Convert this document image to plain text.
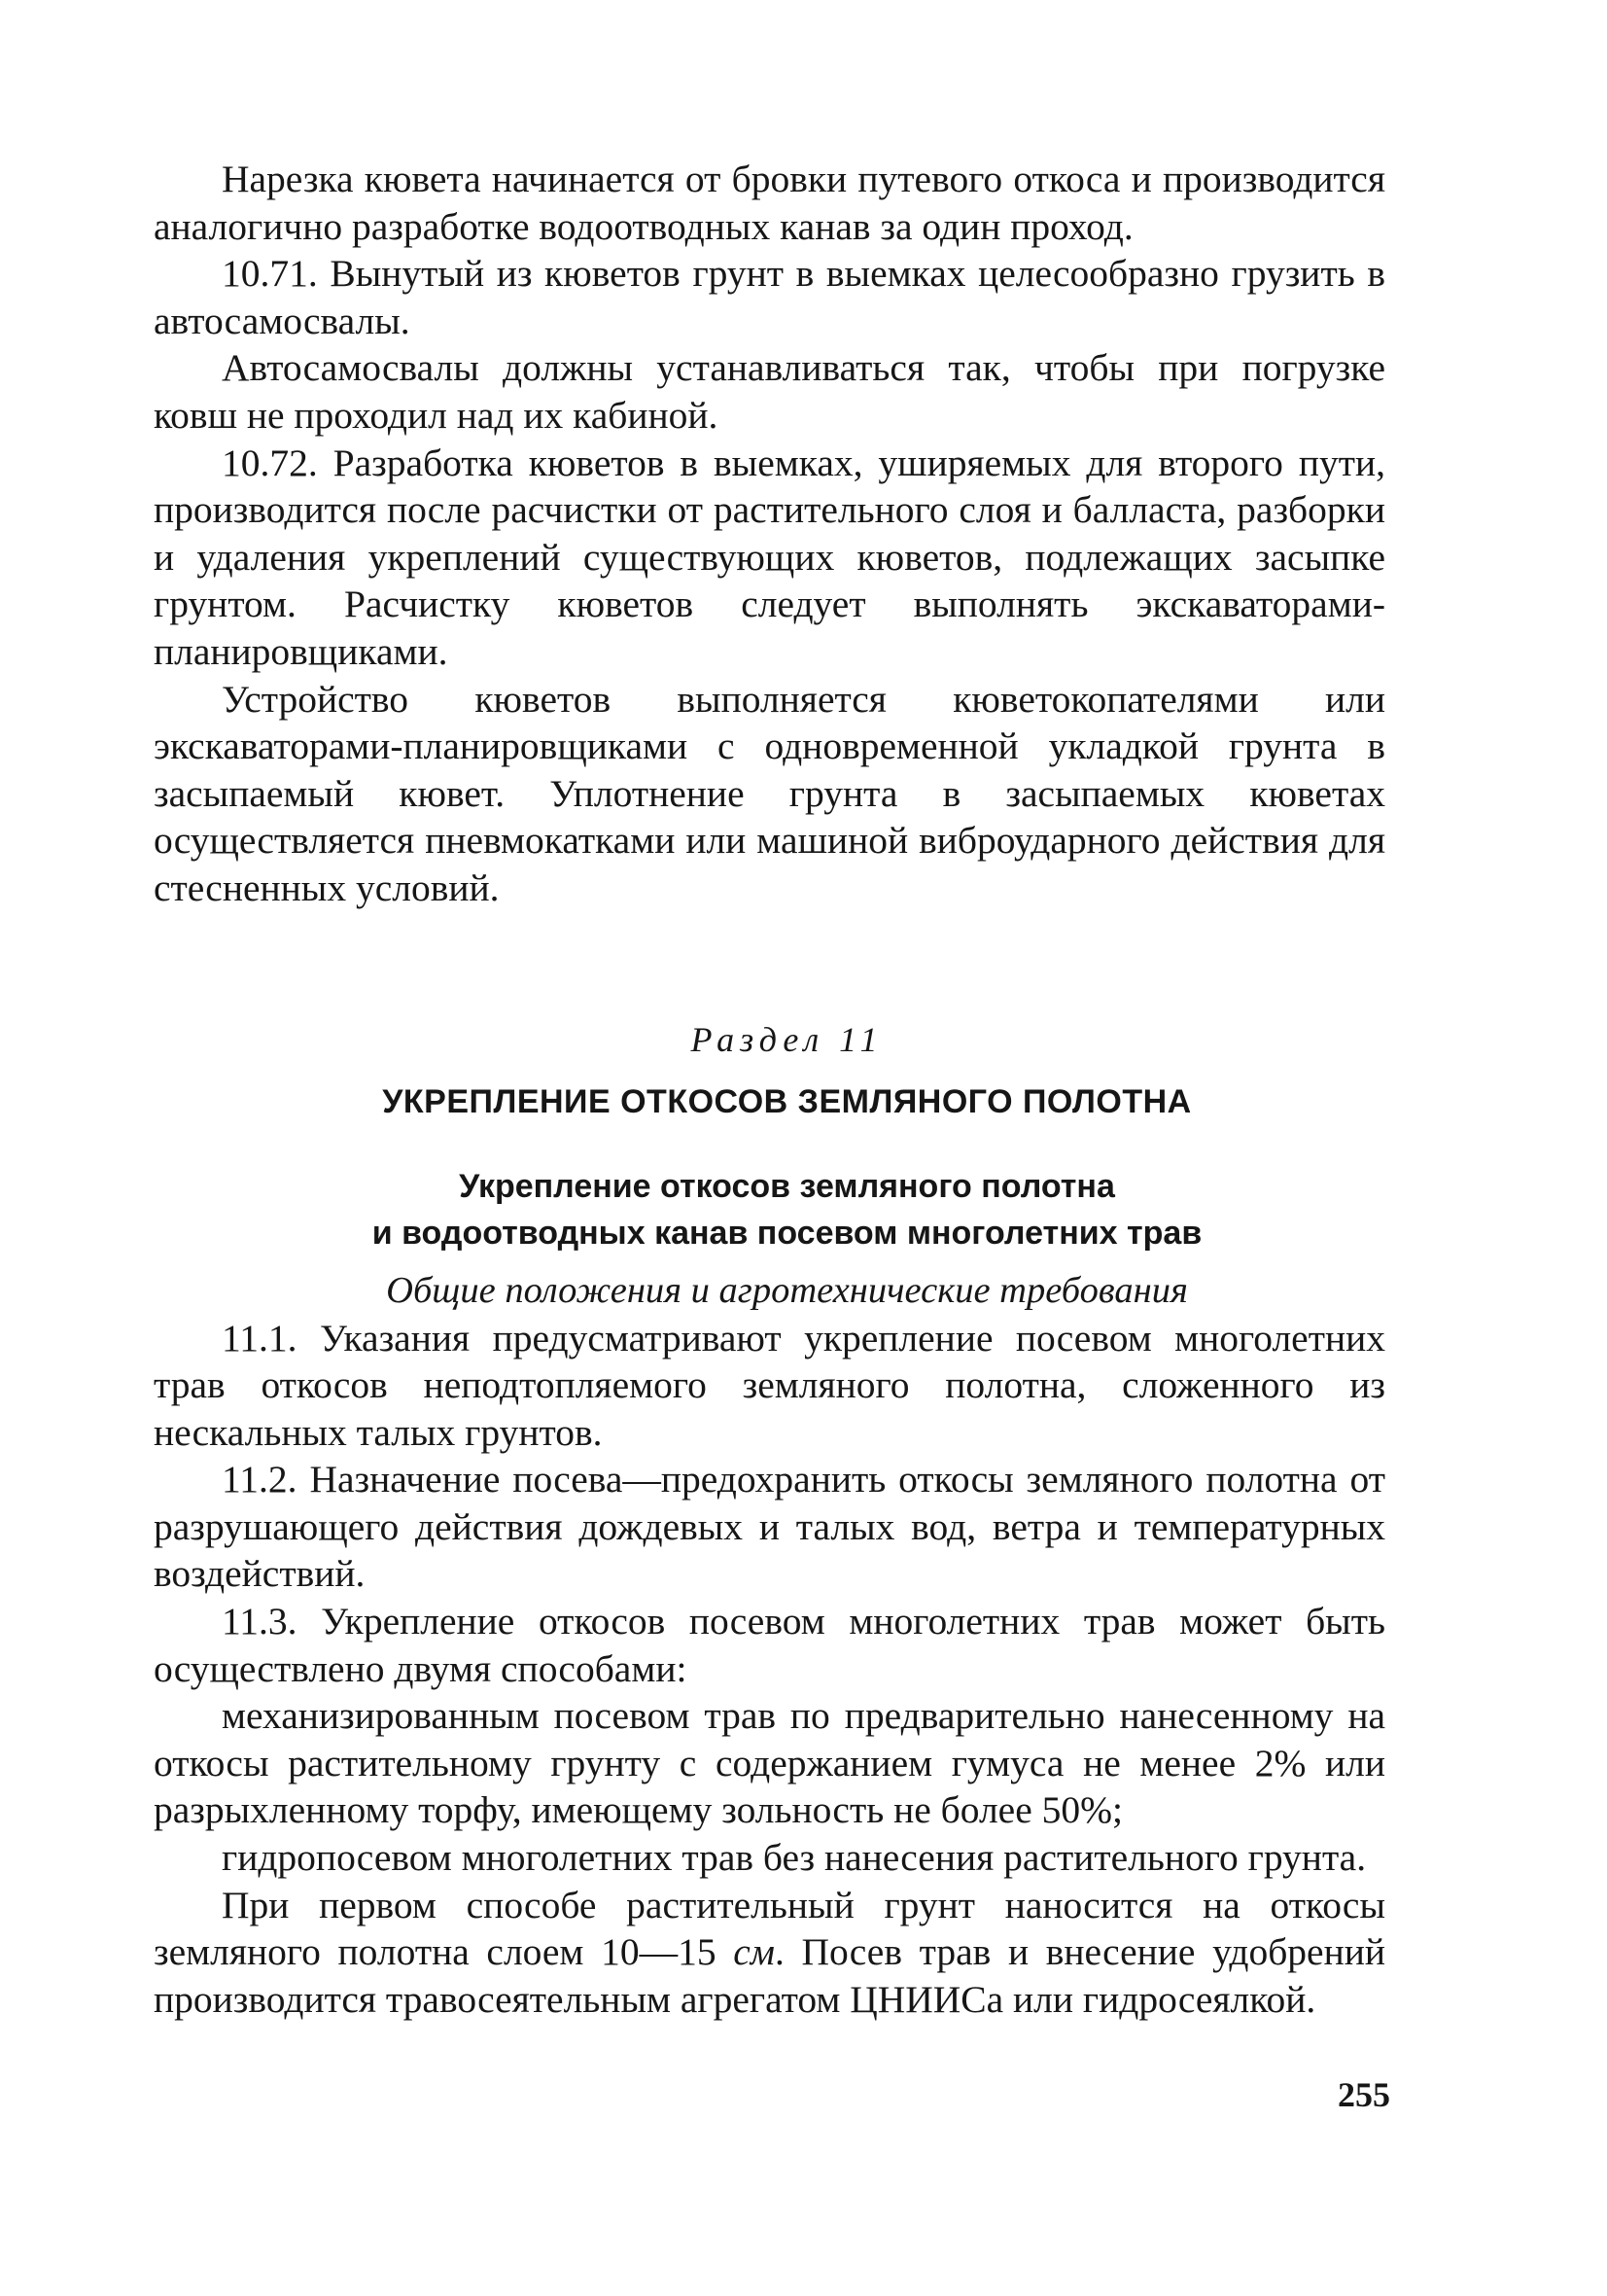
Нарезка кювета начинается от бровки путевого откоса и производится аналогично разработке водоотводных канав за один проход.

10.71. Вынутый из кюветов грунт в выемках целесообразно грузить в автосамосвалы.

Автосамосвалы должны устанавливаться так, чтобы при погрузке ковш не проходил над их кабиной.

10.72. Разработка кюветов в выемках, уширяемых для второго пути, производится после расчистки от растительного слоя и балласта, разборки и удаления укреплений существующих кюветов, подлежащих засыпке грунтом. Расчистку кюветов следует выполнять экскаваторами-планировщиками.

Устройство кюветов выполняется кюветокопателями или экскаваторами-планировщиками с одновременной укладкой грунта в засыпаемый кювет. Уплотнение грунта в засыпаемых кюветах осуществляется пневмокатками или машиной виброударного действия для стесненных условий.

Раздел 11

УКРЕПЛЕНИЕ ОТКОСОВ ЗЕМЛЯНОГО ПОЛОТНА

Укрепление откосов земляного полотна
и водоотводных канав посевом многолетних трав

Общие положения и агротехнические требования

11.1. Указания предусматривают укрепление посевом многолетних трав откосов неподтопляемого земляного полотна, сложенного из нескальных талых грунтов.

11.2. Назначение посева—предохранить откосы земляного полотна от разрушающего действия дождевых и талых вод, ветра и температурных воздействий.

11.3. Укрепление откосов посевом многолетних трав может быть осуществлено двумя способами:

механизированным посевом трав по предварительно нанесенному на откосы растительному грунту с содержанием гумуса не менее 2% или разрыхленному торфу, имеющему зольность не более 50%;

гидропосевом многолетних трав без нанесения растительного грунта.

При первом способе растительный грунт наносится на откосы земляного полотна слоем 10—15 см. Посев трав и внесение удобрений производится травосеятельным агрегатом ЦНИИСа или гидросеялкой.

255
